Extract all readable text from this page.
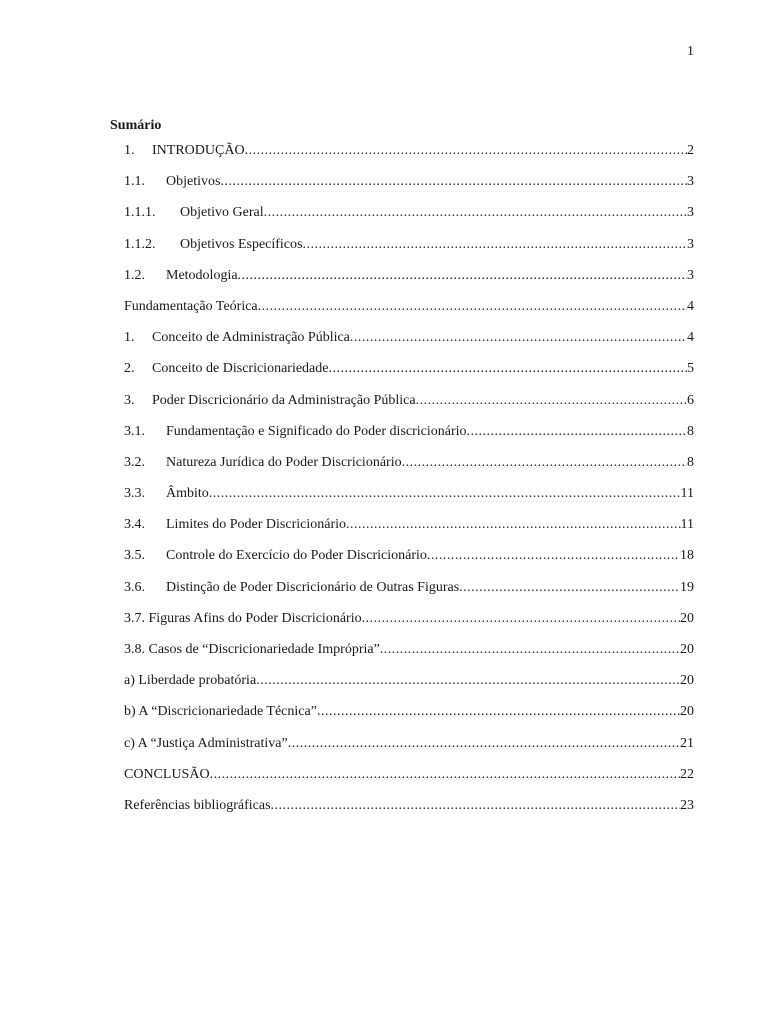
1
Sumário
1.	INTRODUÇÃO .....	2
1.1.	Objetivos .....	3
1.1.1.	Objetivo Geral .....	3
1.1.2.	Objetivos Específicos .....	3
1.2.	Metodologia .....	3
Fundamentação Teórica .....	4
1.	Conceito de Administração Pública .....	4
2.	Conceito de Discricionariedade .....	5
3.	Poder Discricionário da Administração Pública .....	6
3.1.	Fundamentação e Significado do Poder discricionário .....	8
3.2.	Natureza Jurídica do Poder Discricionário .....	8
3.3.	Âmbito .....	11
3.4.	Limites do Poder Discricionário .....	11
3.5.	Controle do Exercício do Poder Discricionário .....	18
3.6.	Distinção de Poder Discricionário de Outras Figuras .....	19
3.7. Figuras Afins do Poder Discricionário .....	20
3.8. Casos de “Discricionariedade Imprópria” .....	20
a) Liberdade probatória .....	20
b) A “Discricionariedade Técnica” .....	20
c) A “Justiça Administrativa” .....	21
CONCLUSÃO .....	22
Referências bibliográficas .....	23
